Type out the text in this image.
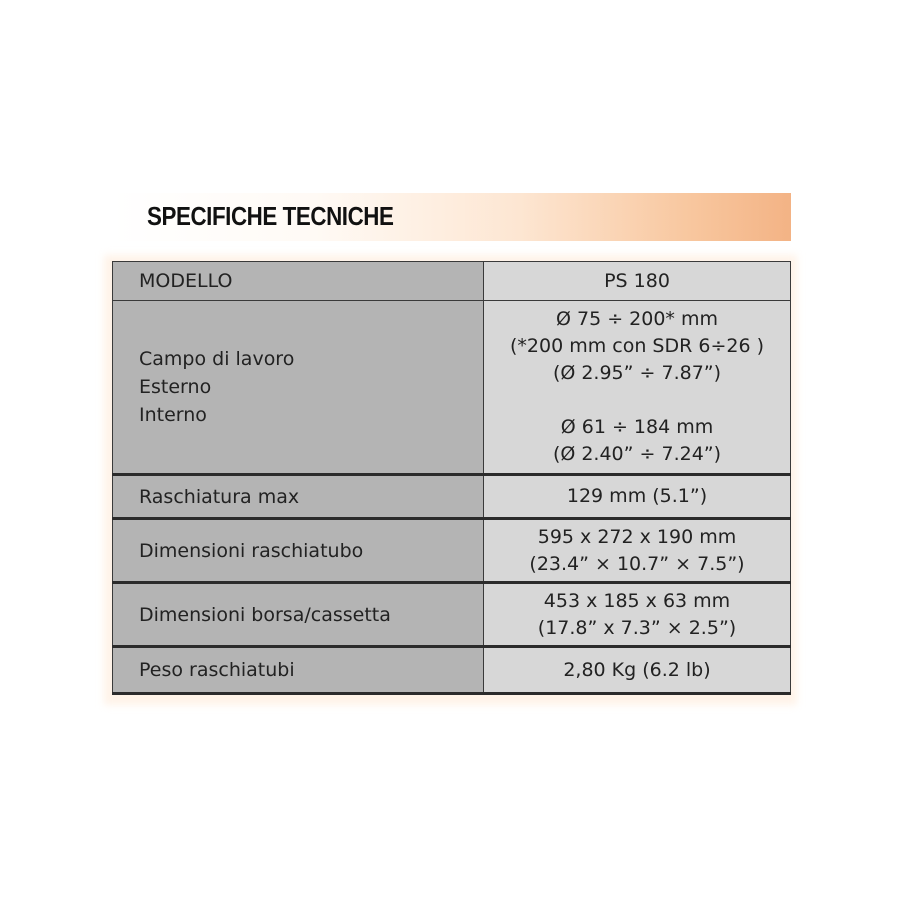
SPECIFICHE TECNICHE
MODELLO	PS 180

Campo di lavoro
Esterno
Interno	Ø 75 ÷ 200* mm
(*200 mm con SDR 6÷26 )
(Ø 2.95” ÷ 7.87”)
Ø 61 ÷ 184 mm
(Ø 2.40” ÷ 7.24”)

Raschiatura max	129 mm (5.1”)

Dimensioni raschiatubo	595 x 272 x 190 mm
(23.4” × 10.7” × 7.5”)

Dimensioni borsa/cassetta	453 x 185 x 63 mm
(17.8” x 7.3” × 2.5”)

Peso raschiatubi	2,80 Kg (6.2 lb)
